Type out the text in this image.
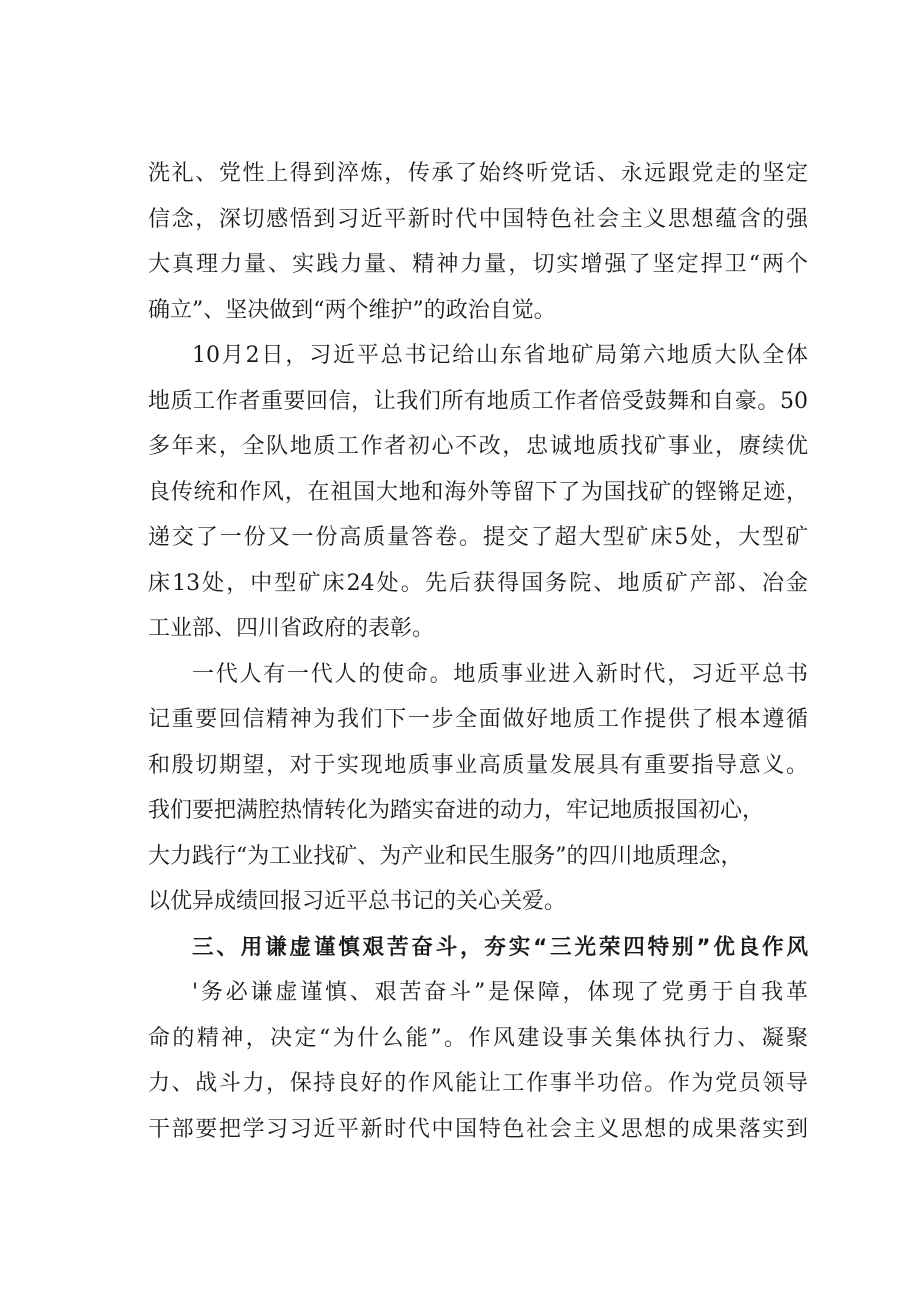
洗礼、党性上得到淬炼，传承了始终听党话、永远跟党走的坚定
信念，深切感悟到习近平新时代中国特色社会主义思想蕴含的强
大真理力量、实践力量、精神力量，切实增强了坚定捍卫“两个
确立”、坚决做到“两个维护”的政治自觉。
10月2日，习近平总书记给山东省地矿局第六地质大队全体
地质工作者重要回信，让我们所有地质工作者倍受鼓舞和自豪。50
多年来，全队地质工作者初心不改，忠诚地质找矿事业，赓续优
良传统和作风，在祖国大地和海外等留下了为国找矿的铿锵足迹，
递交了一份又一份高质量答卷。提交了超大型矿床5处，大型矿
床13处，中型矿床24处。先后获得国务院、地质矿产部、冶金
工业部、四川省政府的表彰。
一代人有一代人的使命。地质事业进入新时代，习近平总书
记重要回信精神为我们下一步全面做好地质工作提供了根本遵循
和殷切期望，对于实现地质事业高质量发展具有重要指导意义。
我们要把满腔热情转化为踏实奋进的动力，牢记地质报国初心，
大力践行“为工业找矿、为产业和民生服务”的四川地质理念，
以优异成绩回报习近平总书记的关心关爱。
三、用谦虚谨慎艰苦奋斗，夯实“三光荣四特别”优良作风
'务必谦虚谨慎、艰苦奋斗”是保障，体现了党勇于自我革
命的精神，决定“为什么能”。作风建设事关集体执行力、凝聚
力、战斗力，保持良好的作风能让工作事半功倍。作为党员领导
干部要把学习习近平新时代中国特色社会主义思想的成果落实到
